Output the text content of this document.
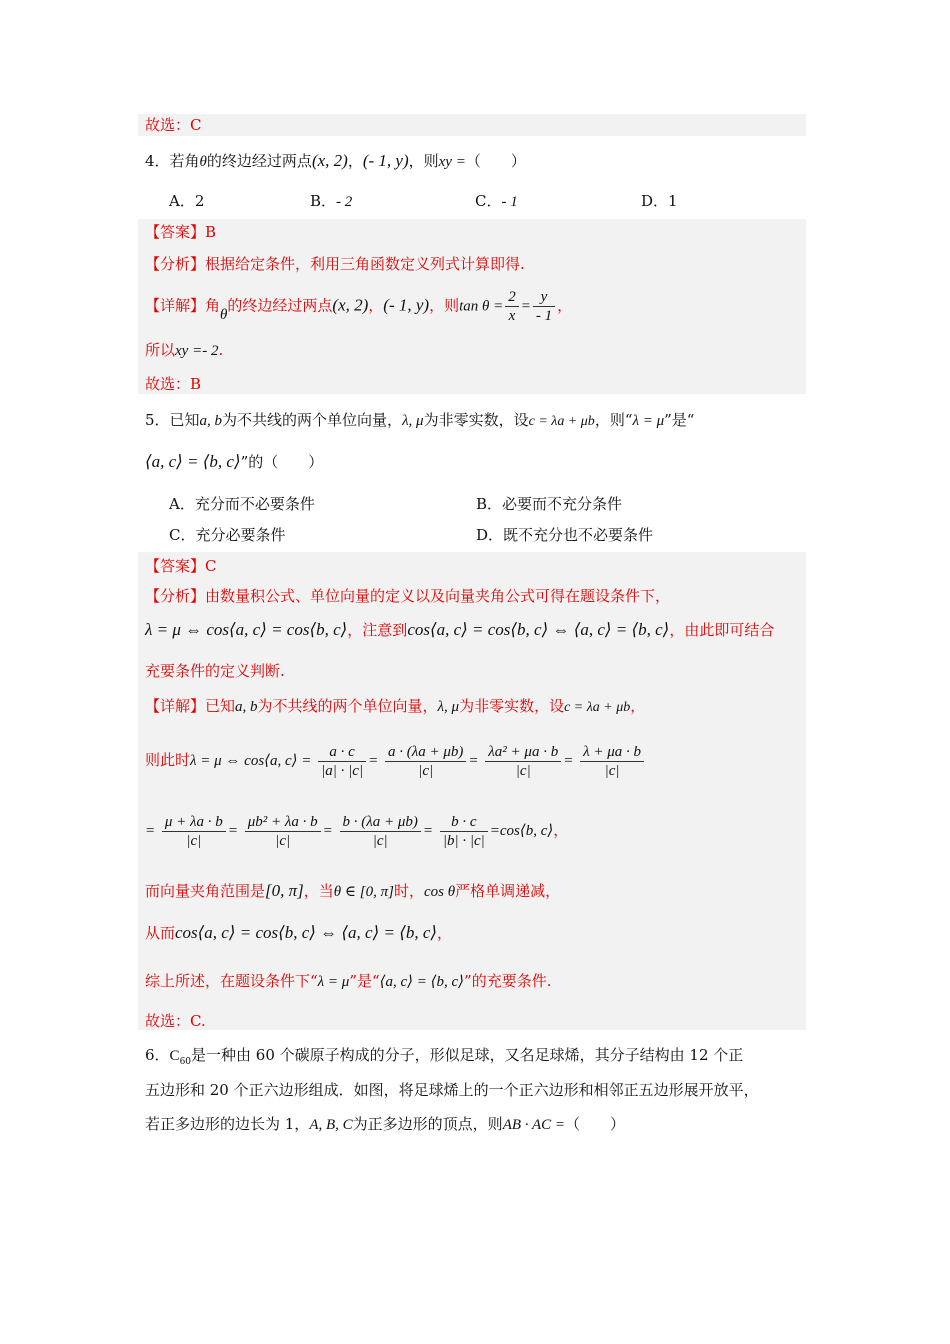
故选：C
4．若角θ的终边经过两点(x, 2)，(- 1, y)，则xy =（　　）
A．2	B．- 2	C．- 1	D．1
【答案】B
【分析】根据给定条件，利用三角函数定义列式计算即得.
【详解】角θ的终边经过两点(x, 2)，(- 1, y)，则$\tan \theta = \frac{2}{x} = \frac{y}{- 1}$ ，
所以xy =- 2.
故选：B
5．已知a, b为不共线的两个单位向量，λ, μ为非零实数，设c = λa + μb，则“λ = μ”是“
⟨a, c⟩ = ⟨b, c⟩”的（　　）
A．充分而不必要条件	B．必要而不充分条件
C．充分必要条件	D．既不充分也不必要条件
【答案】C
【分析】由数量积公式、单位向量的定义以及向量夹角公式可得在题设条件下，
λ = μ ⇔ cos⟨a, c⟩ = cos⟨b, c⟩，注意到cos⟨a, c⟩ = cos⟨b, c⟩ ⇔ ⟨a, c⟩ = ⟨b, c⟩，由此即可结合
充要条件的定义判断.
【详解】已知a, b为不共线的两个单位向量，λ, μ为非零实数，设c = λa + μb，
则此时λ = μ ⇔ cos⟨a, c⟩ = $\frac{a \cdot c}{|a| \cdot |c|} = \frac{a \cdot (\lambda a + \mu b)}{|c|} = \frac{\text{λa² + μa · b}}{|c|} = \frac{\lambda + \mu a \cdot b}{|c|}$
= $\frac{\mu + \lambda a \cdot b}{|c|} = \frac{\text{μb² + λa · b}}{|c|} = \frac{b \cdot (\lambda a + \mu b)}{|c|} = \frac{b \cdot c}{|b| \cdot |c|}$ =cos⟨b, c⟩，
而向量夹角范围是[0, π]，当θ ∈ [0, π]时，cos θ严格单调递减，
从而cos⟨a, c⟩ = cos⟨b, c⟩ ⇔ ⟨a, c⟩ = ⟨b, c⟩，
综上所述，在题设条件下“λ = μ”是“⟨a, c⟩ = ⟨b, c⟩”的充要条件.
故选：C.
6．$C_{60}$是一种由 60 个碳原子构成的分子，形似足球，又名足球烯，其分子结构由 12 个正
五边形和 20 个正六边形组成．如图，将足球烯上的一个正六边形和相邻正五边形展开放平，
若正多边形的边长为 1，A, B, C为正多边形的顶点，则AB · AC =（　　）
